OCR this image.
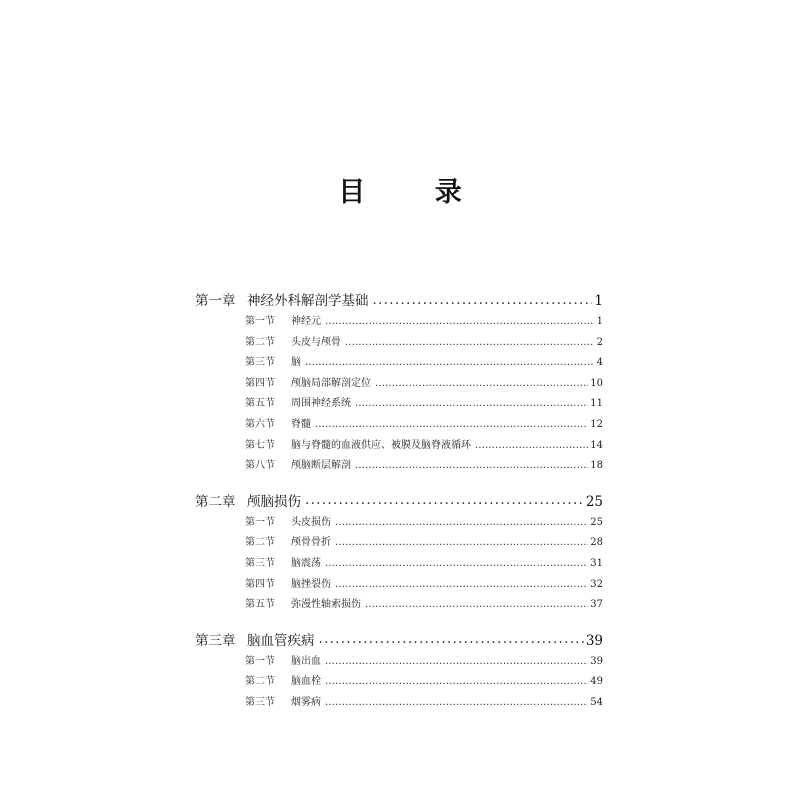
目 录
第一章 神经外科解剖学基础 · · ·	1
第一节	神经元 · · ·	1
第二节	头皮与颅骨 · · ·	2
第三节	脑 · · ·	4
第四节	颅脑局部解剖定位 · · ·	10
第五节	周围神经系统 · · ·	11
第六节	脊髓 · · ·	12
第七节	脑与脊髓的血液供应、被膜及脑脊液循环 · · ·	14
第八节	颅脑断层解剖 · · ·	18
第二章 颅脑损伤 · · ·	25
第一节	头皮损伤 · · ·	25
第二节	颅骨骨折 · · ·	28
第三节	脑震荡 · · ·	31
第四节	脑挫裂伤 · · ·	32
第五节	弥漫性轴索损伤 · · ·	37
第三章 脑血管疾病 · · ·	39
第一节	脑出血 · · ·	39
第二节	脑血栓 · · ·	49
第三节	烟雾病 · · ·	54
